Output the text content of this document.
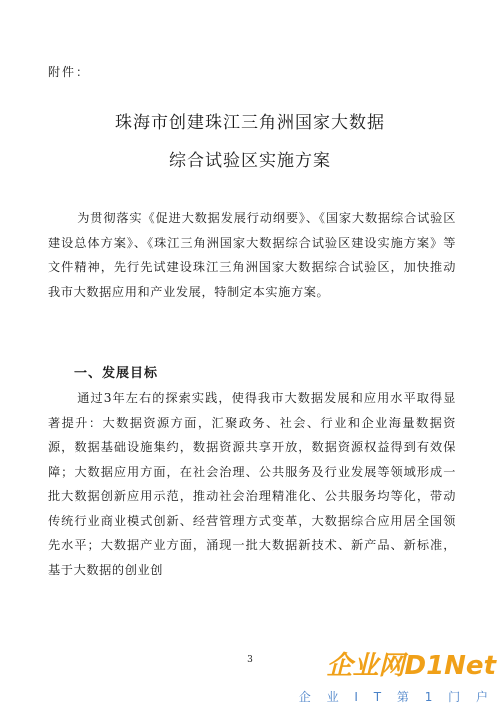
附件：
珠海市创建珠江三角洲国家大数据
综合试验区实施方案

为贯彻落实《促进大数据发展行动纲要》、《国家大数据综合试验区建设总体方案》、《珠江三角洲国家大数据综合试验区建设实施方案》等文件精神，先行先试建设珠江三角洲国家大数据综合试验区，加快推动我市大数据应用和产业发展，特制定本实施方案。

一、发展目标

通过3年左右的探索实践，使得我市大数据发展和应用水平取得显著提升：大数据资源方面，汇聚政务、社会、行业和企业海量数据资源，数据基础设施集约，数据资源共享开放，数据资源权益得到有效保障；大数据应用方面，在社会治理、公共服务及行业发展等领域形成一批大数据创新应用示范，推动社会治理精准化、公共服务均等化，带动传统行业商业模式创新、经营管理方式变革，大数据综合应用居全国领先水平；大数据产业方面，涌现一批大数据新技术、新产品、新标准，基于大数据的创业创

3	企业网D1Net
企 业 I T 第 1 门 户
